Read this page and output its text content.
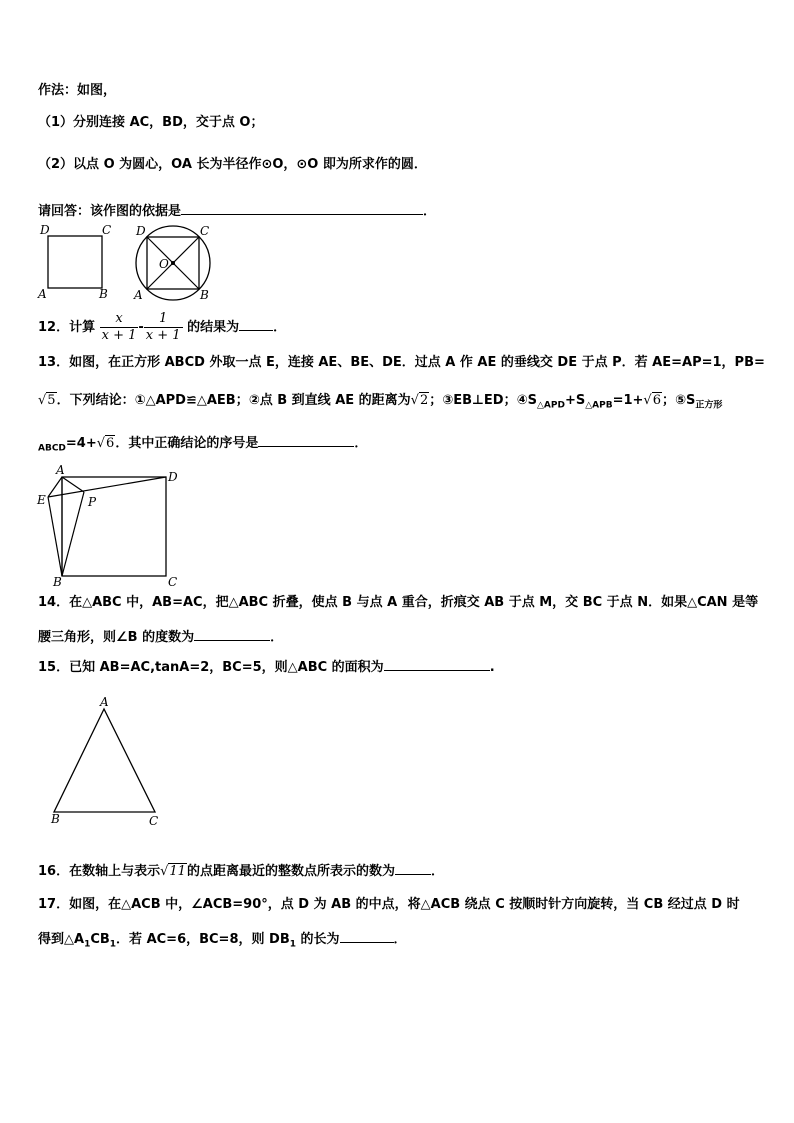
作法：如图，
（1）分别连接 AC，BD，交于点 O；
（2）以点 O 为圆心，OA 长为半径作⊙O，⊙O 即为所求作的圆．
请回答：该作图的依据是	．
D	C
A	B
D	C
A	B
O
12．计算 $\frac{x}{x + 1} - \frac{1}{x + 1}$ 的结果为	．
13．如图，在正方形 ABCD 外取一点 E，连接 AE、BE、DE．过点 A 作 AE 的垂线交 DE 于点 P．若 AE=AP=1，PB=
√5．下列结论：①△APD≌△AEB；②点 B 到直线 AE 的距离为√2；③EB⊥ED；$④S_{\triangle APD}+S_{\triangle APB}=1+√6$；$⑤S_{正方形}$
$_{ABCD}$=4+√6．其中正确结论的序号是	．
A	D
E	P
B	C
14．在△ABC 中，AB=AC，把△ABC 折叠，使点 B 与点 A 重合，折痕交 AB 于点 M，交 BC 于点 N．如果△CAN 是等
腰三角形，则∠B 的度数为	．
15．已知 AB=AC,tanA=2，BC=5，则△ABC 的面积为	.
A
B	C
16．在数轴上与表示√11的点距离最近的整数点所表示的数为	．
17．如图，在△ACB 中，∠ACB=90°，点 D 为 AB 的中点，将△ACB 绕点 C 按顺时针方向旋转，当 CB 经过点 D 时
得到$\triangle A_1CB_1$．若 AC=6，BC=8，则 $DB_1$ 的长为	．
